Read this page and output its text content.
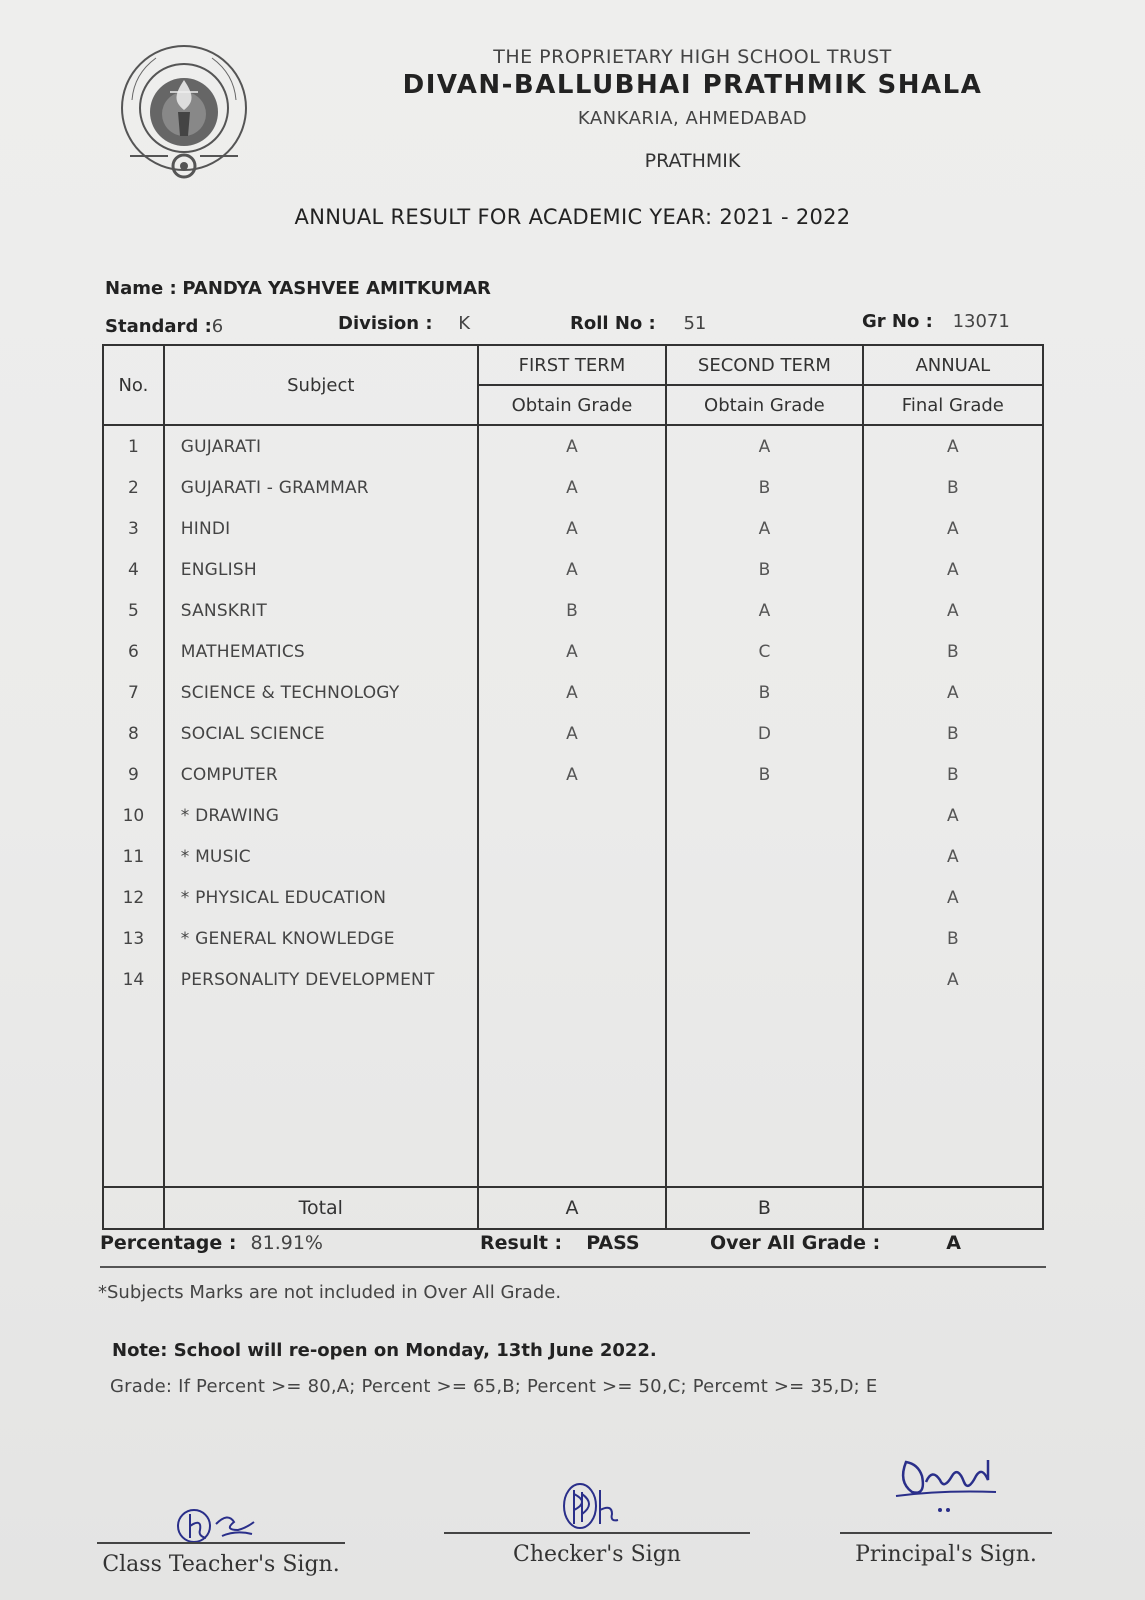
THE PROPRIETARY HIGH SCHOOL TRUST
DIVAN-BALLUBHAI PRATHMIK SHALA
KANKARIA, AHMEDABAD
PRATHMIK
ANNUAL RESULT FOR ACADEMIC YEAR: 2021 - 2022
Name : PANDYA YASHVEE AMITKUMAR
Standard :6	Division : K	Roll No : 51	Gr No : 13071
No.	Subject	FIRST TERM	SECOND TERM	ANNUAL
		Obtain Grade	Obtain Grade	Final Grade
1	GUJARATI	A	A	A
2	GUJARATI - GRAMMAR	A	B	B
3	HINDI	A	A	A
4	ENGLISH	A	B	A
5	SANSKRIT	B	A	A
6	MATHEMATICS	A	C	B
7	SCIENCE & TECHNOLOGY	A	B	A
8	SOCIAL SCIENCE	A	D	B
9	COMPUTER	A	B	B
10	* DRAWING			A
11	* MUSIC			A
12	* PHYSICAL EDUCATION			A
13	* GENERAL KNOWLEDGE			B
14	PERSONALITY DEVELOPMENT			A

	Total	A	B	
Percentage : 81.91%	Result : PASS	Over All Grade :	A
*Subjects Marks are not included in Over All Grade.
Note: School will re-open on Monday, 13th June 2022.
Grade: If Percent >= 80,A; Percent >= 65,B; Percent >= 50,C; Percemt >= 35,D; E
Class Teacher's Sign.	Checker's Sign	Principal's Sign.
